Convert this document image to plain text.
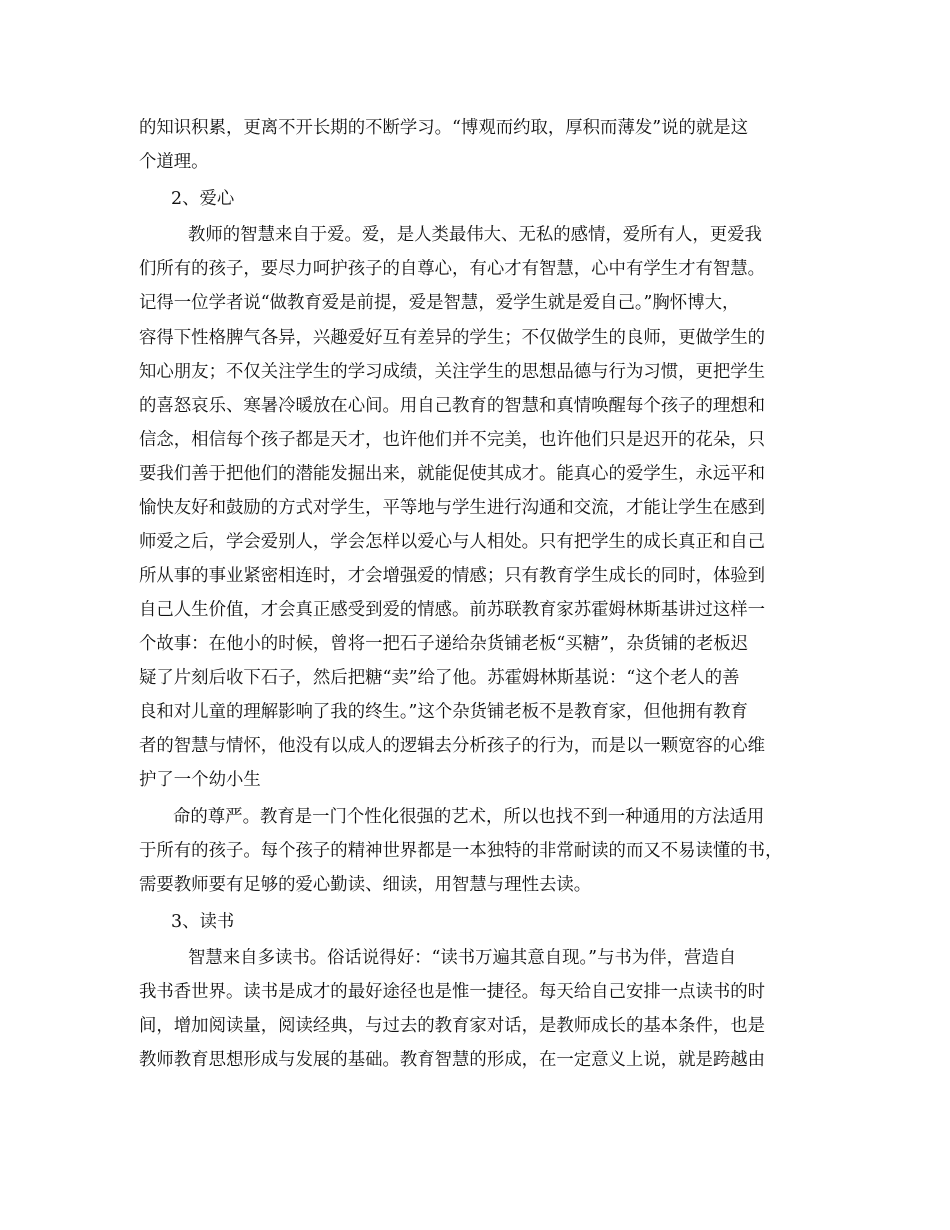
的知识积累，更离不开长期的不断学习。“博观而约取，厚积而薄发”说的就是这
个道理。
2、爱心
教师的智慧来自于爱。爱，是人类最伟大、无私的感情，爱所有人，更爱我
们所有的孩子，要尽力呵护孩子的自尊心，有心才有智慧，心中有学生才有智慧。
记得一位学者说“做教育爱是前提，爱是智慧，爱学生就是爱自己。”胸怀博大，
容得下性格脾气各异，兴趣爱好互有差异的学生；不仅做学生的良师，更做学生的
知心朋友；不仅关注学生的学习成绩，关注学生的思想品德与行为习惯，更把学生
的喜怒哀乐、寒暑冷暖放在心间。用自己教育的智慧和真情唤醒每个孩子的理想和
信念，相信每个孩子都是天才，也许他们并不完美，也许他们只是迟开的花朵，只
要我们善于把他们的潜能发掘出来，就能促使其成才。能真心的爱学生，永远平和
愉快友好和鼓励的方式对学生，平等地与学生进行沟通和交流，才能让学生在感到
师爱之后，学会爱别人，学会怎样以爱心与人相处。只有把学生的成长真正和自己
所从事的事业紧密相连时，才会增强爱的情感；只有教育学生成长的同时，体验到
自己人生价值，才会真正感受到爱的情感。前苏联教育家苏霍姆林斯基讲过这样一
个故事：在他小的时候，曾将一把石子递给杂货铺老板“买糖”，杂货铺的老板迟
疑了片刻后收下石子，然后把糖“卖”给了他。苏霍姆林斯基说：“这个老人的善
良和对儿童的理解影响了我的终生。”这个杂货铺老板不是教育家，但他拥有教育
者的智慧与情怀，他没有以成人的逻辑去分析孩子的行为，而是以一颗宽容的心维
护了一个幼小生
命的尊严。教育是一门个性化很强的艺术，所以也找不到一种通用的方法适用
于所有的孩子。每个孩子的精神世界都是一本独特的非常耐读的而又不易读懂的书，
需要教师要有足够的爱心勤读、细读，用智慧与理性去读。
3、读书
智慧来自多读书。俗话说得好：“读书万遍其意自现。”与书为伴，营造自
我书香世界。读书是成才的最好途径也是惟一捷径。每天给自己安排一点读书的时
间，增加阅读量，阅读经典，与过去的教育家对话，是教师成长的基本条件，也是
教师教育思想形成与发展的基础。教育智慧的形成，在一定意义上说，就是跨越由
